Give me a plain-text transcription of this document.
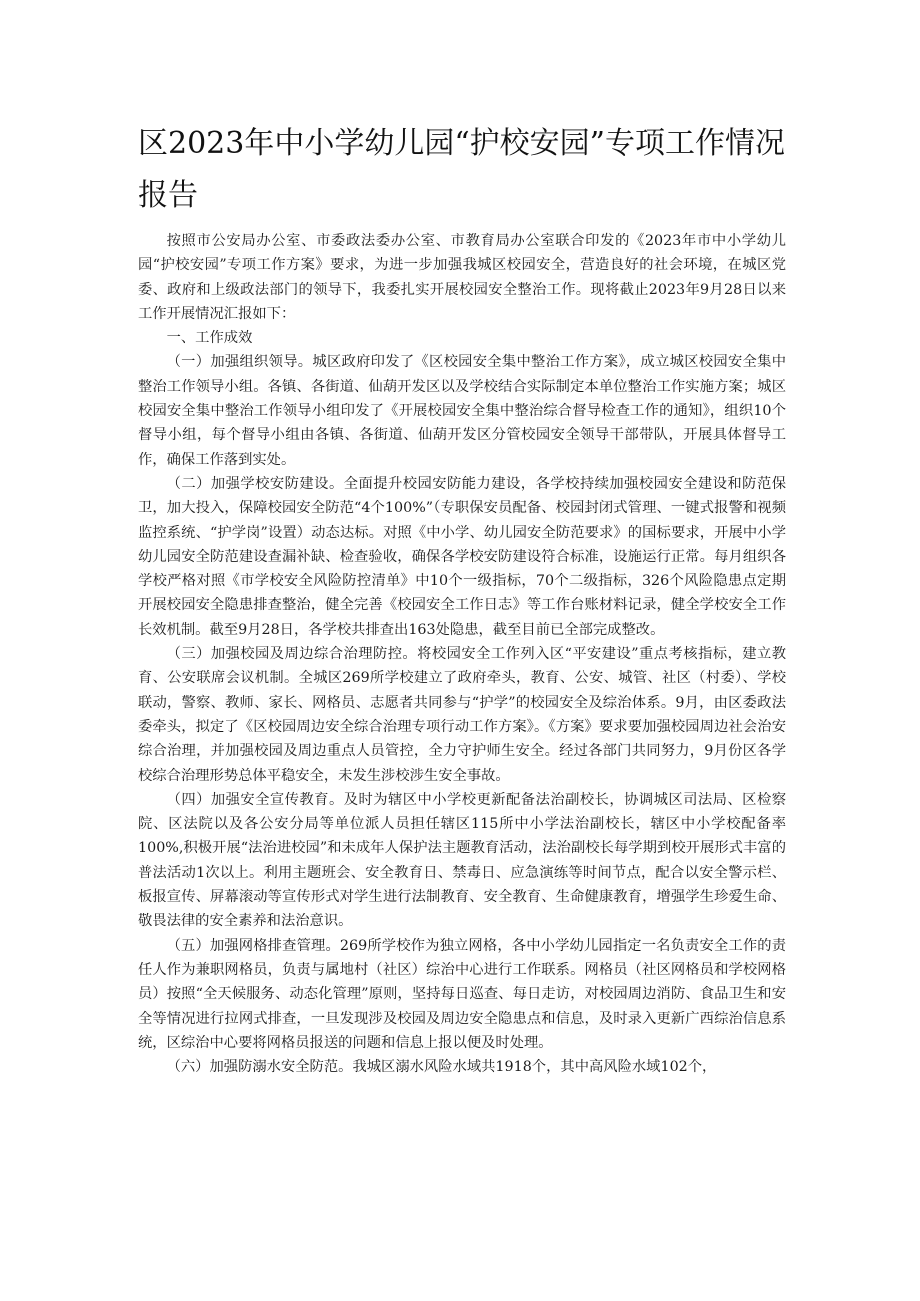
区2023年中小学幼儿园“护校安园”专项工作情况报告

按照市公安局办公室、市委政法委办公室、市教育局办公室联合印发的《2023年市中小学幼儿园“护校安园”专项工作方案》要求，为进一步加强我城区校园安全，营造良好的社会环境，在城区党委、政府和上级政法部门的领导下，我委扎实开展校园安全整治工作。现将截止2023年9月28日以来工作开展情况汇报如下：

一、工作成效

（一）加强组织领导。城区政府印发了《区校园安全集中整治工作方案》，成立城区校园安全集中整治工作领导小组。各镇、各街道、仙葫开发区以及学校结合实际制定本单位整治工作实施方案；城区校园安全集中整治工作领导小组印发了《开展校园安全集中整治综合督导检查工作的通知》，组织10个督导小组，每个督导小组由各镇、各街道、仙葫开发区分管校园安全领导干部带队，开展具体督导工作，确保工作落到实处。

（二）加强学校安防建设。全面提升校园安防能力建设，各学校持续加强校园安全建设和防范保卫，加大投入，保障校园安全防范“4个100%”（专职保安员配备、校园封闭式管理、一键式报警和视频监控系统、“护学岗”设置）动态达标。对照《中小学、幼儿园安全防范要求》的国标要求，开展中小学幼儿园安全防范建设查漏补缺、检查验收，确保各学校安防建设符合标准，设施运行正常。每月组织各学校严格对照《市学校安全风险防控清单》中10个一级指标，70个二级指标，326个风险隐患点定期开展校园安全隐患排查整治，健全完善《校园安全工作日志》等工作台账材料记录，健全学校安全工作长效机制。截至9月28日，各学校共排查出163处隐患，截至目前已全部完成整改。

（三）加强校园及周边综合治理防控。将校园安全工作列入区“平安建设”重点考核指标，建立教育、公安联席会议机制。全城区269所学校建立了政府牵头，教育、公安、城管、社区（村委）、学校联动，警察、教师、家长、网格员、志愿者共同参与“护学”的校园安全及综治体系。9月，由区委政法委牵头，拟定了《区校园周边安全综合治理专项行动工作方案》。《方案》要求要加强校园周边社会治安综合治理，并加强校园及周边重点人员管控，全力守护师生安全。经过各部门共同努力，9月份区各学校综合治理形势总体平稳安全，未发生涉校涉生安全事故。

（四）加强安全宣传教育。及时为辖区中小学校更新配备法治副校长，协调城区司法局、区检察院、区法院以及各公安分局等单位派人员担任辖区115所中小学法治副校长，辖区中小学校配备率100%,积极开展“法治进校园”和未成年人保护法主题教育活动，法治副校长每学期到校开展形式丰富的普法活动1次以上。利用主题班会、安全教育日、禁毒日、应急演练等时间节点，配合以安全警示栏、板报宣传、屏幕滚动等宣传形式对学生进行法制教育、安全教育、生命健康教育，增强学生珍爱生命、敬畏法律的安全素养和法治意识。

（五）加强网格排查管理。269所学校作为独立网格，各中小学幼儿园指定一名负责安全工作的责任人作为兼职网格员，负责与属地村（社区）综治中心进行工作联系。网格员（社区网格员和学校网格员）按照“全天候服务、动态化管理”原则，坚持每日巡查、每日走访，对校园周边消防、食品卫生和安全等情况进行拉网式排查，一旦发现涉及校园及周边安全隐患点和信息，及时录入更新广西综治信息系统，区综治中心要将网格员报送的问题和信息上报以便及时处理。

（六）加强防溺水安全防范。我城区溺水风险水域共1918个，其中高风险水域102个，
